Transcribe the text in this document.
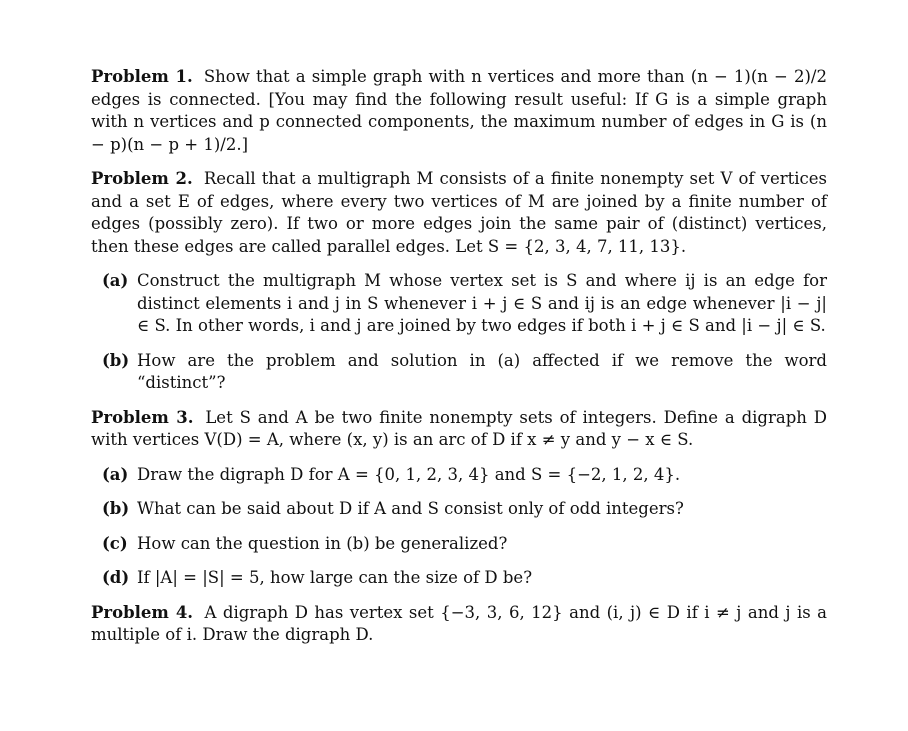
Problem 1. Show that a simple graph with n vertices and more than (n − 1)(n − 2)/2 edges is connected. [You may find the following result useful: If G is a simple graph with n vertices and p connected components, the maximum number of edges in G is (n − p)(n − p + 1)/2.]

Problem 2. Recall that a multigraph M consists of a finite nonempty set V of vertices and a set E of edges, where every two vertices of M are joined by a finite number of edges (possibly zero). If two or more edges join the same pair of (distinct) vertices, then these edges are called parallel edges. Let S = {2, 3, 4, 7, 11, 13}.

(a) Construct the multigraph M whose vertex set is S and where ij is an edge for distinct elements i and j in S whenever i + j ∈ S and ij is an edge whenever |i − j| ∈ S. In other words, i and j are joined by two edges if both i + j ∈ S and |i − j| ∈ S.

(b) How are the problem and solution in (a) affected if we remove the word “distinct”?

Problem 3. Let S and A be two finite nonempty sets of integers. Define a digraph D with vertices V(D) = A, where (x, y) is an arc of D if x ≠ y and y − x ∈ S.

(a) Draw the digraph D for A = {0, 1, 2, 3, 4} and S = {−2, 1, 2, 4}.

(b) What can be said about D if A and S consist only of odd integers?

(c) How can the question in (b) be generalized?

(d) If |A| = |S| = 5, how large can the size of D be?

Problem 4. A digraph D has vertex set {−3, 3, 6, 12} and (i, j) ∈ D if i ≠ j and j is a multiple of i. Draw the digraph D.
